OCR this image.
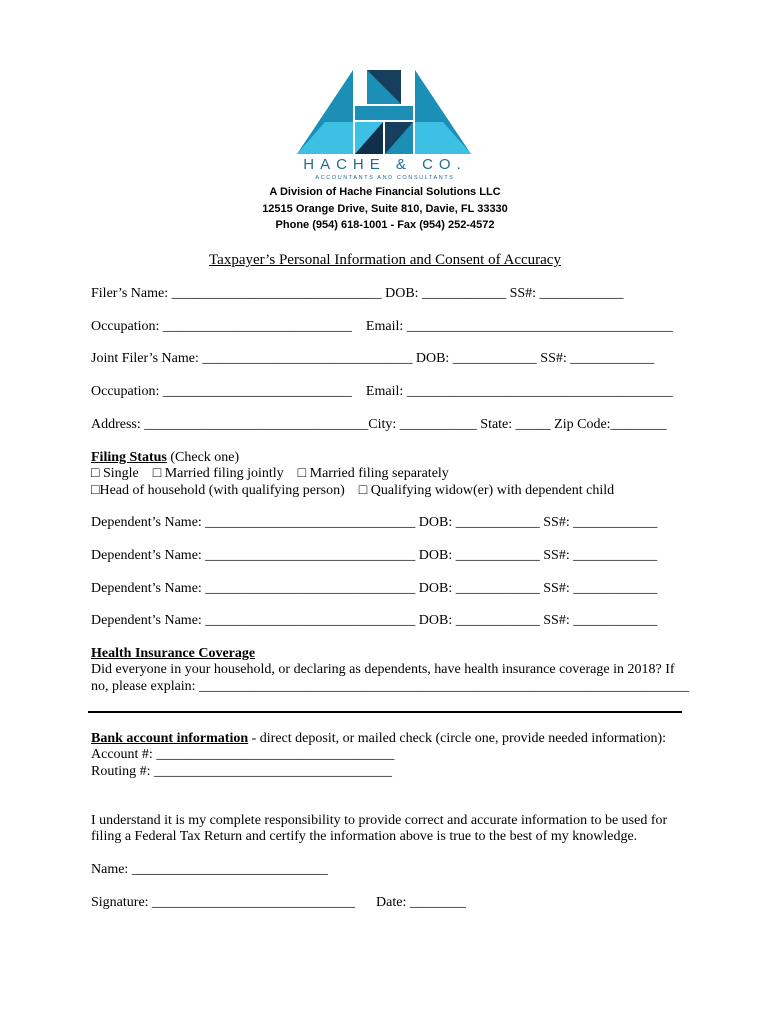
HACHE & CO.
ACCOUNTANTS AND CONSULTANTS
A Division of Hache Financial Solutions LLC
12515 Orange Drive, Suite 810, Davie, FL 33330
Phone (954) 618-1001 - Fax (954) 252-4572
Taxpayer’s Personal Information and Consent of Accuracy
Filer’s Name: ______________________________ DOB: ____________ SS#: ____________
Occupation: ___________________________    Email: ______________________________________
Joint Filer’s Name: ______________________________ DOB: ____________ SS#: ____________
Occupation: ___________________________    Email: ______________________________________
Address: ________________________________City: ___________ State: _____ Zip Code:________
Filing Status (Check one)
□ Single    □ Married filing jointly    □ Married filing separately
□Head of household (with qualifying person)    □ Qualifying widow(er) with dependent child
Dependent’s Name: ______________________________ DOB: ____________ SS#: ____________
Dependent’s Name: ______________________________ DOB: ____________ SS#: ____________
Dependent’s Name: ______________________________ DOB: ____________ SS#: ____________
Dependent’s Name: ______________________________ DOB: ____________ SS#: ____________
Health Insurance Coverage
Did everyone in your household, or declaring as dependents, have health insurance coverage in 2018? If
no, please explain: ______________________________________________________________________
Bank account information - direct deposit, or mailed check (circle one, provide needed information):
Account #: __________________________________
Routing #: __________________________________
I understand it is my complete responsibility to provide correct and accurate information to be used for
filing a Federal Tax Return and certify the information above is true to the best of my knowledge.
Name: ____________________________
Signature: _____________________________      Date: ________
